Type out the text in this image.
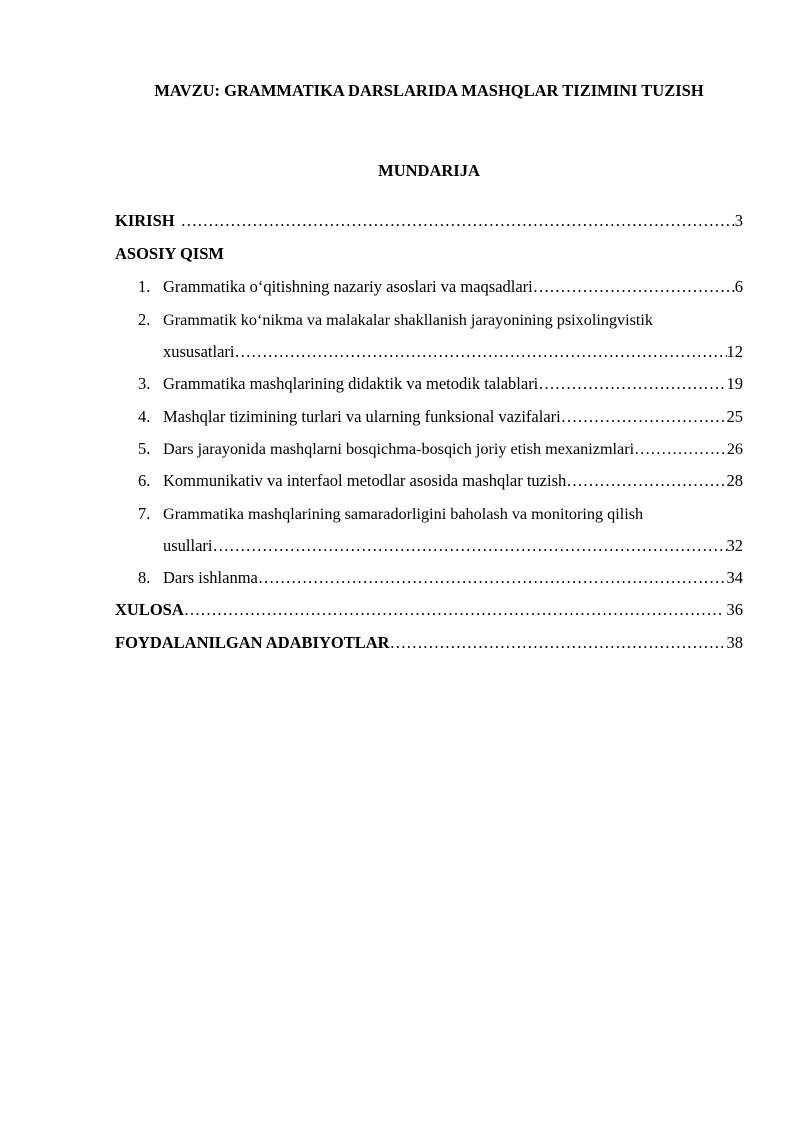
MAVZU: GRAMMATIKA DARSLARIDA MASHQLAR TIZIMINI TUZISH
MUNDARIJA
KIRISH …………………………………………………………………………………………………………………………………………………………………………	3
ASOSIY QISM
1. Grammatika o‘qitishning nazariy asoslari va maqsadlari …………………………………………………………………………………………………………………………………………………………………………	6
2. Grammatik ko‘nikma va malakalar shakllanish jarayonining psixolingvistik
xususatlari …………………………………………………………………………………………………………………………………………………………………………	12
3. Grammatika mashqlarining didaktik va metodik talablari …………………………………………………………………………………………………………………………………………………………………………	19
4. Mashqlar tizimining turlari va ularning funksional vazifalari …………………………………………………………………………………………………………………………………………………………………………	25
5. Dars jarayonida mashqlarni bosqichma-bosqich joriy etish mexanizmlari …………………………………………………………………………………………………………………………………………………………………………	26
6. Kommunikativ va interfaol metodlar asosida mashqlar tuzish …………………………………………………………………………………………………………………………………………………………………………	28
7. Grammatika mashqlarining samaradorligini baholash va monitoring qilish
usullari …………………………………………………………………………………………………………………………………………………………………………	32
8. Dars ishlanma …………………………………………………………………………………………………………………………………………………………………………	34
XULOSA …………………………………………………………………………………………………………………………………………………………………………	36
FOYDALANILGAN ADABIYOTLAR …………………………………………………………………………………………………………………………………………………………………………	38
